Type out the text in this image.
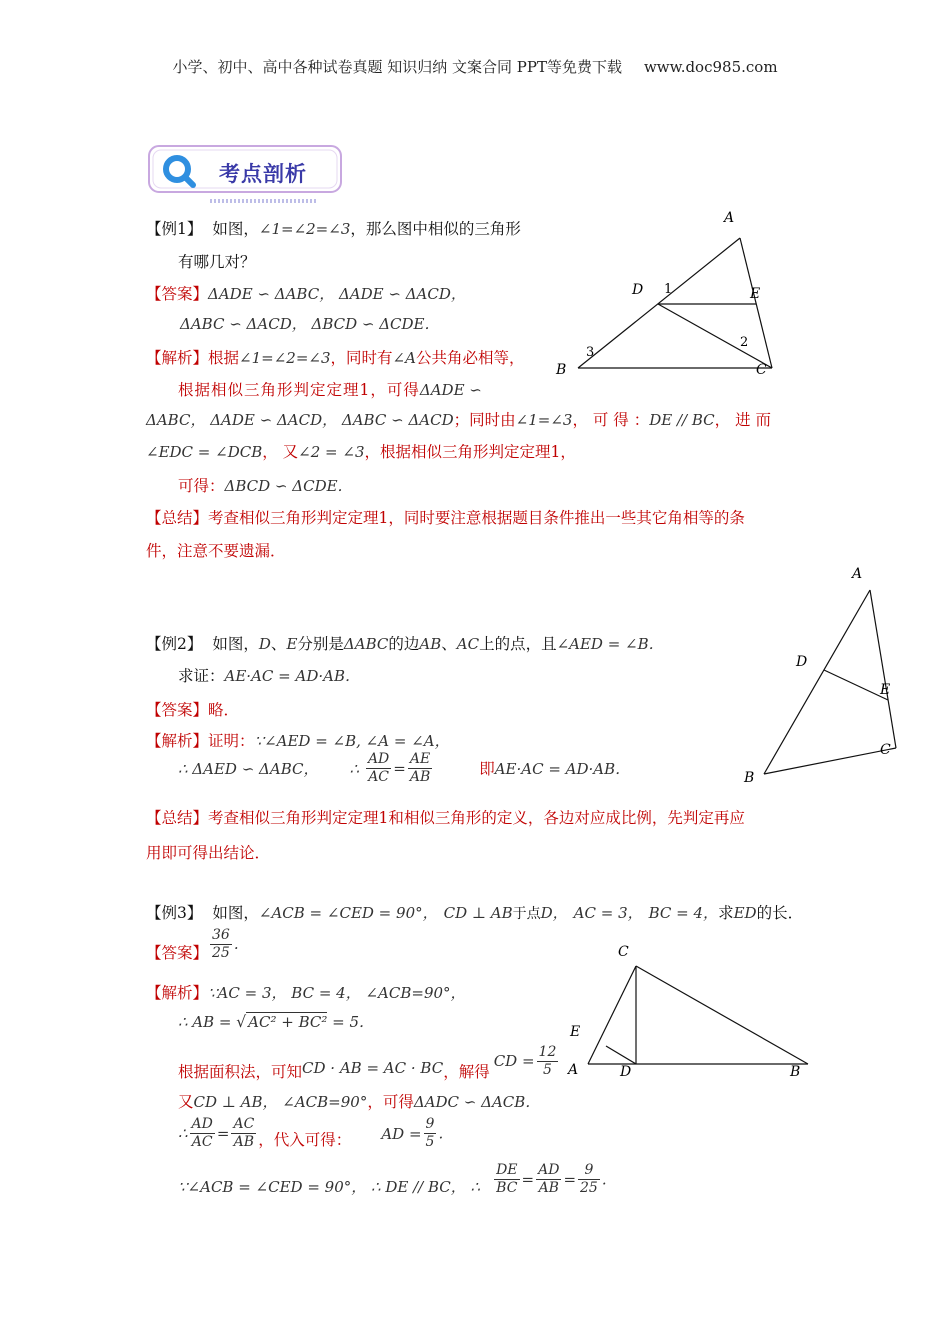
小学、初中、高中各种试卷真题 知识归纳 文案合同 PPT等免费下载 www.doc985.com
考点剖析
【例1】 如图，∠1=∠2=∠3，那么图中相似的三角形
有哪几对？
【答案】ΔADE ∽ ΔABC， ΔADE ∽ ΔACD，
ΔABC ∽ ΔACD， ΔBCD ∽ ΔCDE．
【解析】根据∠1=∠2=∠3，同时有∠A公共角必相等，
根据相似三角形判定定理1，可得ΔADE ∽
ΔABC， ΔADE ∽ ΔACD， ΔABC ∽ ΔACD；同时由∠1=∠3， 可 得 ：DE // BC， 进 而
∠EDC = ∠DCB， 又∠2 = ∠3，根据相似三角形判定定理1，
可得：ΔBCD ∽ ΔCDE．
【总结】考查相似三角形判定定理1，同时要注意根据题目条件推出一些其它角相等的条
件，注意不要遗漏．
A
D	E
B	C
1
2
3
【例2】 如图，D、E分别是ΔABC的边AB、AC上的点，且∠AED = ∠B．
求证：AE·AC = AD·AB．
【答案】略．
【解析】证明：∵∠AED = ∠B, ∠A = ∠A，
∴ ΔAED ∽ ΔABC， ∴ $\frac{AD}{AC} = \frac{AE}{AB}$	即AE·AC = AD·AB．
【总结】考查相似三角形判定定理1和相似三角形的定义，各边对应成比例，先判定再应
用即可得出结论．
A
D
E
C
B
【例3】 如图，∠ACB = ∠CED = 90°， CD ⊥ AB于点D， AC = 3， BC = 4，求ED的长．
【答案】 $\frac{36}{25}$ .
【解析】∵AC = 3， BC = 4， ∠ACB=90°，
∴ AB = √ AC² + BC² = 5．
根据面积法，可知CD · AB = AC · BC，解得CD = $\frac{12}{5}$
又CD ⊥ AB， ∠ACB=90°，可得ΔADC ∽ ΔACB．
∴ $\frac{AD}{AC} = \frac{AC}{AB}$ ，代入可得： AD = $\frac{9}{5}$ .
∵∠ACB = ∠CED = 90°， ∴ DE // BC， ∴ $\frac{DE}{BC} = \frac{AD}{AB} = \frac{9}{25}$ .
C
E
A	D	B
